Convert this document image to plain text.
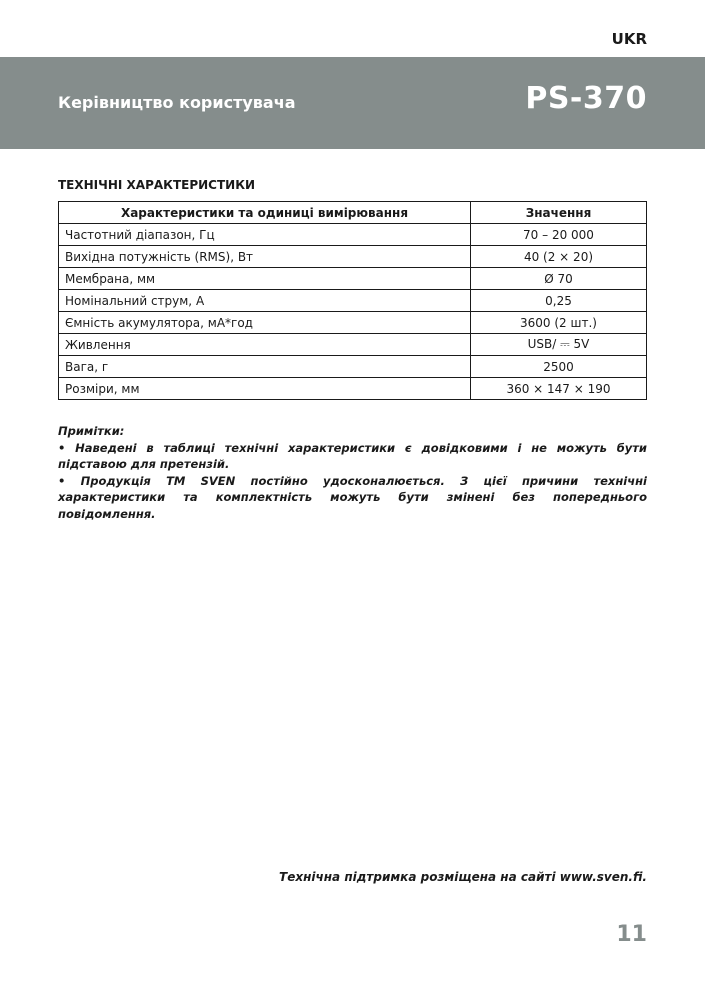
UKR
Керівництво користувача	PS-370
ТЕХНІЧНІ ХАРАКТЕРИСТИКИ
Характеристики та одиниці вимірювання	Значення
Частотний діапазон, Гц	70 – 20 000
Вихідна потужність (RMS), Вт	40 (2 × 20)
Мембрана, мм	Ø 70
Номінальний струм, А	0,25
Ємність акумулятора, мА*год	3600 (2 шт.)
Живлення	USB/ ⎓ 5V
Вага, г	2500
Розміри, мм	360 × 147 × 190

Примітки:

• Наведені в таблиці технічні характеристики є довідковими і не можуть бути підставою для претензій.

• Продукція ТМ SVEN постійно удосконалюється. З цієї причини технічні характеристики та комплектність можуть бути змінені без попереднього повідомлення.

Технічна підтримка розміщена на сайті www.sven.fi.
11
